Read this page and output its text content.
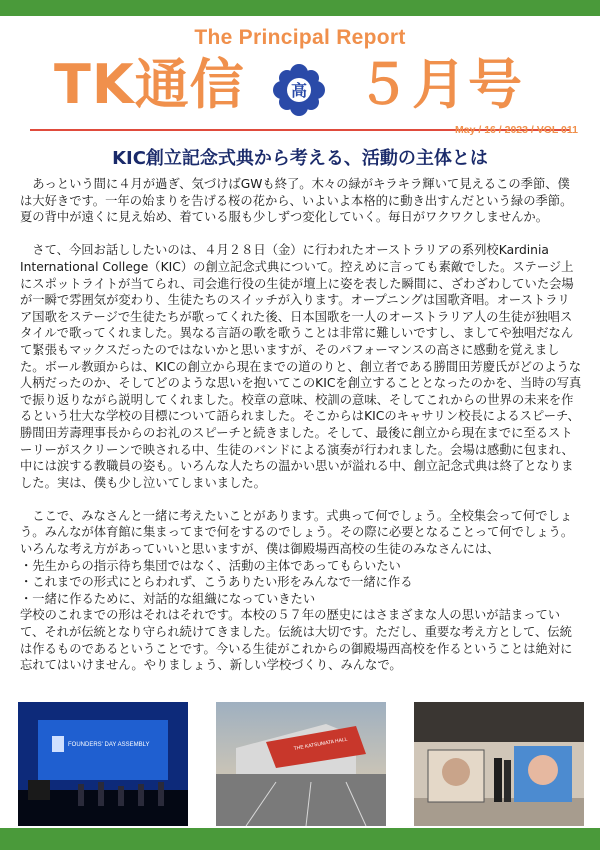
The Principal Report
TK通信	高 ５月号
May / 16 / 2023 / VOL 011
KIC創立記念式典から考える、活動の主体とは

　あっという間に４月が過ぎ、気づけばGWも終了。木々の緑がキラキラ輝いて見えるこの季節、僕は大好きです。一年の始まりを告げる桜の花から、いよいよ本格的に動き出すんだという緑の季節。夏の背中が遠くに見え始め、着ている服も少しずつ変化していく。毎日がワクワクしませんか。

　さて、今回お話ししたいのは、４月２８日（金）に行われたオーストラリアの系列校Kardinia International College（KIC）の創立記念式典について。控えめに言っても素敵でした。ステージ上にスポットライトが当てられ、司会進行役の生徒が壇上に姿を表した瞬間に、ざわざわしていた会場が一瞬で雰囲気が変わり、生徒たちのスイッチが入ります。オープニングは国歌斉唱。オーストラリア国歌をステージで生徒たちが歌ってくれた後、日本国歌を一人のオーストラリア人の生徒が独唱スタイルで歌ってくれました。異なる言語の歌を歌うことは非常に難しいですし、ましてや独唱だなんて緊張もマックスだったのではないかと思いますが、そのパフォーマンスの高さに感動を覚えました。ボール教頭からは、KICの創立から現在までの道のりと、創立者である勝間田芳慶氏がどのような人柄だったのか、そしてどのような思いを抱いてこのKICを創立することとなったのかを、当時の写真で振り返りながら説明してくれました。校章の意味、校訓の意味、そしてこれからの世界の未来を作るという壮大な学校の目標について語られました。そこからはKICのキャサリン校長によるスピーチ、勝間田芳壽理事長からのお礼のスピーチと続きました。そして、最後に創立から現在までに至るストーリーがスクリーンで映される中、生徒のバンドによる演奏が行われました。会場は感動に包まれ、中には涙する教職員の姿も。いろんな人たちの温かい思いが溢れる中、創立記念式典は終了となりました。実は、僕も少し泣いてしまいました。

　ここで、みなさんと一緒に考えたいことがあります。式典って何でしょう。全校集会って何でしょう。みんなが体育館に集まってまで何をするのでしょう。その際に必要となることって何でしょう。いろんな考え方があっていいと思いますが、僕は御殿場西高校の生徒のみなさんには、
・先生からの指示待ち集団ではなく、活動の主体であってもらいたい
・これまでの形式にとらわれず、こうありたい形をみんなで一緒に作る
・一緒に作るために、対話的な組織になっていきたい
学校のこれまでの形はそれはそれです。本校の５７年の歴史にはさまざまな人の思いが詰まっていて、それが伝統となり守られ続けてきました。伝統は大切です。ただし、重要な考え方として、伝統は作るものであるということです。今いる生徒がこれからの御殿場西高校を作るということは絶対に忘れてはいけません。やりましょう、新しい学校づくり、みんなで。

FOUNDERS' DAY ASSEMBLY	THE KATSUMATA HALL
